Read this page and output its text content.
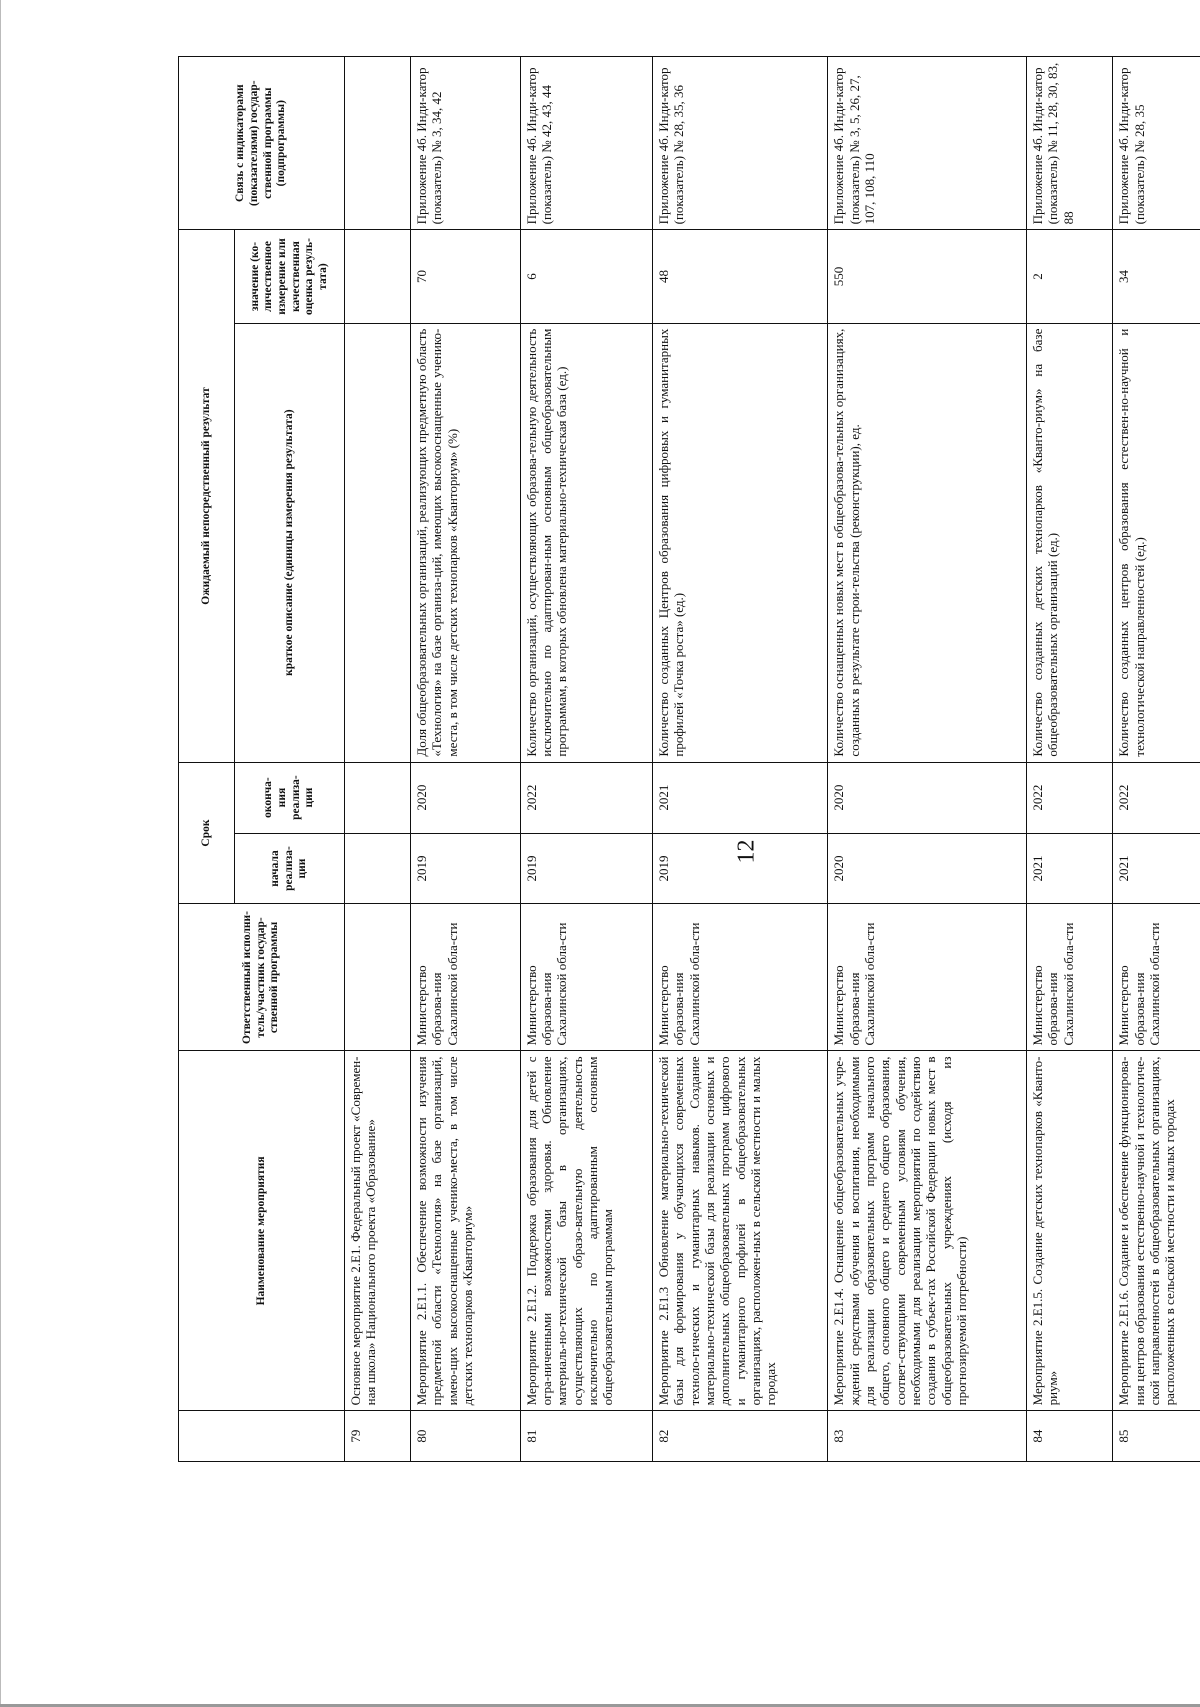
12
	Наименование мероприятия	Ответственный исполни-тель/участник государ-ственной программы	Срок		Ожидаемый непосредственный результат		Связь с индикаторами (показателями) государ-ственной программы (подпрограммы)
			начала реализа-ции	оконча-ния реализа-ции	краткое описание (единицы измерения результата)	значение (ко-личественное измерение или качественная оценка резуль-тата)	
79	Основное мероприятие 2.Е1. Федеральный проект «Современ-ная школа» Национального проекта «Образование»						
80	Мероприятие 2.Е1.1. Обеспечение возможности изучения предметной области «Технология» на базе организаций, имею-щих высокооснащенные ученико-места, в том числе детских технопарков «Кванториум»	Министерство образова-ния Сахалинской обла-сти	2019	2020	Доля общеобразовательных организаций, реализующих предметную область «Технология» на базе организа-ций, имеющих высокооснащенные ученико-места, в том числе детских технопарков «Кванториум» (%)	70	Приложение 4б. Инди-катор (показатель) № 3, 34, 42
81	Мероприятие 2.Е1.2. Поддержка образования для детей с огра-ниченными возможностями здоровья. Обновление материаль-но-технической базы в организациях, осуществляющих образо-вательную деятельность исключительно по адаптированным основным общеобразовательным программам	Министерство образова-ния Сахалинской обла-сти	2019	2022	Количество организаций, осуществляющих образова-тельную деятельность исключительно по адаптирован-ным основным общеобразовательным программам, в которых обновлена материально-техническая база (ед.)	6	Приложение 4б. Инди-катор (показатель) № 42, 43, 44
82	Мероприятие 2.Е1.3 Обновление материально-технической базы для формирования у обучающихся современных техноло-гических и гуманитарных навыков. Создание материально-технической базы для реализации основных и дополнительных общеобразовательных программ цифрового и гуманитарного профилей в общеобразовательных организациях, расположен-ных в сельской местности и малых городах	Министерство образова-ния Сахалинской обла-сти	2019	2021	Количество созданных Центров образования цифровых и гуманитарных профилей «Точка роста» (ед.)	48	Приложение 4б. Инди-катор (показатель) № 28, 35, 36
83	Мероприятие 2.Е1.4. Оснащение общеобразовательных учре-ждений средствами обучения и воспитания, необходимыми для реализации образовательных программ начального общего, основного общего и среднего общего образования, соответ-ствующими современным условиям обучения, необходимыми для реализации мероприятий по содействию создания в субъек-тах Российской Федерации новых мест в общеобразовательных учреждениях (исходя из прогнозируемой потребности)	Министерство образова-ния Сахалинской обла-сти	2020	2020	Количество оснащенных новых мест в общеобразова-тельных организациях, созданных в результате строи-тельства (реконструкции), ед.	550	Приложение 4б. Инди-катор (показатель) № 3, 5, 26, 27, 107, 108, 110
84	Мероприятие 2.Е1.5. Создание детских технопарков «Кванто-риум»	Министерство образова-ния Сахалинской обла-сти	2021	2022	Количество созданных детских технопарков «Кванто-риум» на базе общеобразовательных организаций (ед.)	2	Приложение 4б. Инди-катор (показатель) № 11, 28, 30, 83, 88
85	Мероприятие 2.Е1.6. Создание и обеспечение функционирова-ния центров образования естественно-научной и технологиче-ской направленностей в общеобразовательных организациях, расположенных в сельской местности и малых городах	Министерство образова-ния Сахалинской обла-сти	2021	2022	Количество созданных центров образования естествен-но-научной и технологической направленностей (ед.)	34	Приложение 4б. Инди-катор (показатель) № 28, 35
